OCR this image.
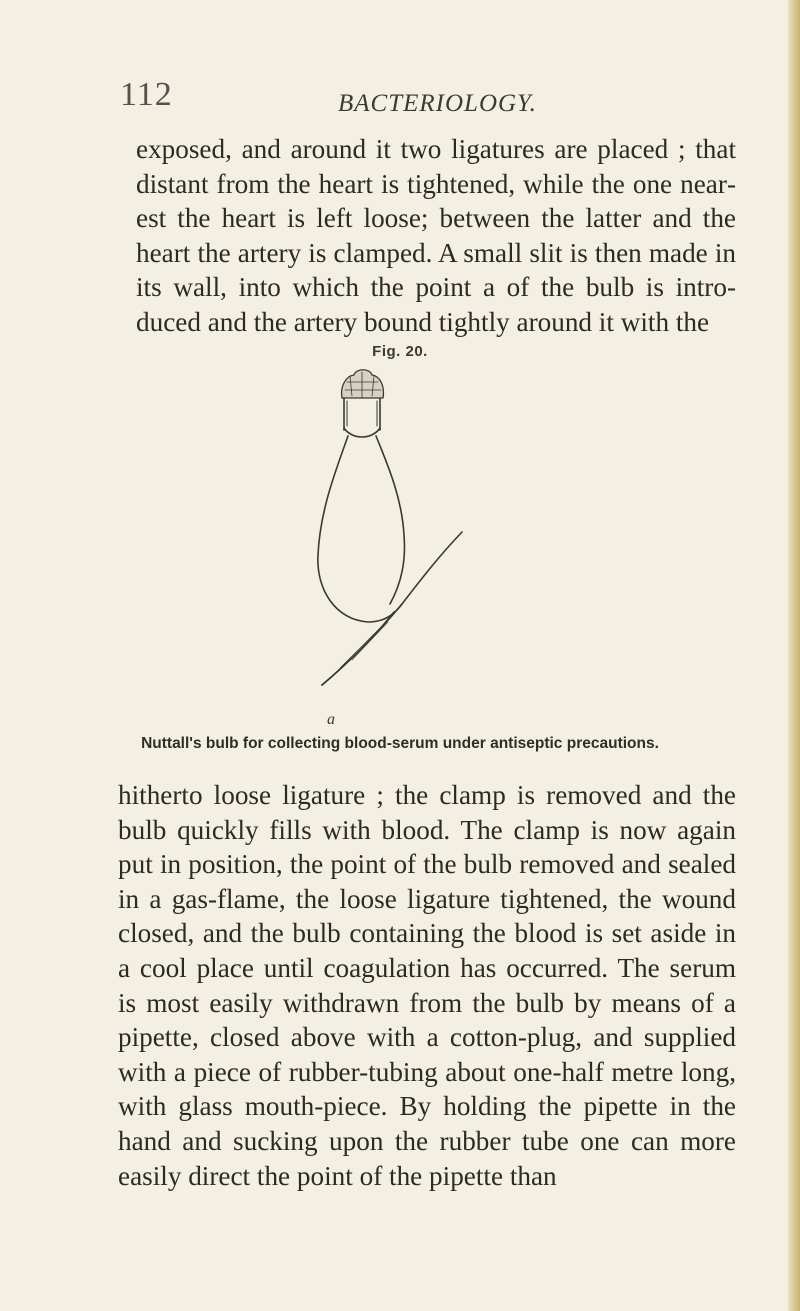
112	BACTERIOLOGY.

exposed, and around it two ligatures are placed ; that distant from the heart is tightened, while the one nearest the heart is left loose; between the latter and the heart the artery is clamped. A small slit is then made in its wall, into which the point a of the bulb is introduced and the artery bound tightly around it with the

Fig. 20.
a
Nuttall's bulb for collecting blood-serum under antiseptic precautions.

hitherto loose ligature ; the clamp is removed and the bulb quickly fills with blood. The clamp is now again put in position, the point of the bulb removed and sealed in a gas-flame, the loose ligature tightened, the wound closed, and the bulb containing the blood is set aside in a cool place until coagulation has occurred. The serum is most easily withdrawn from the bulb by means of a pipette, closed above with a cotton-plug, and supplied with a piece of rubber-tubing about one-half metre long, with glass mouth-piece. By holding the pipette in the hand and sucking upon the rubber tube one can more easily direct the point of the pipette than
